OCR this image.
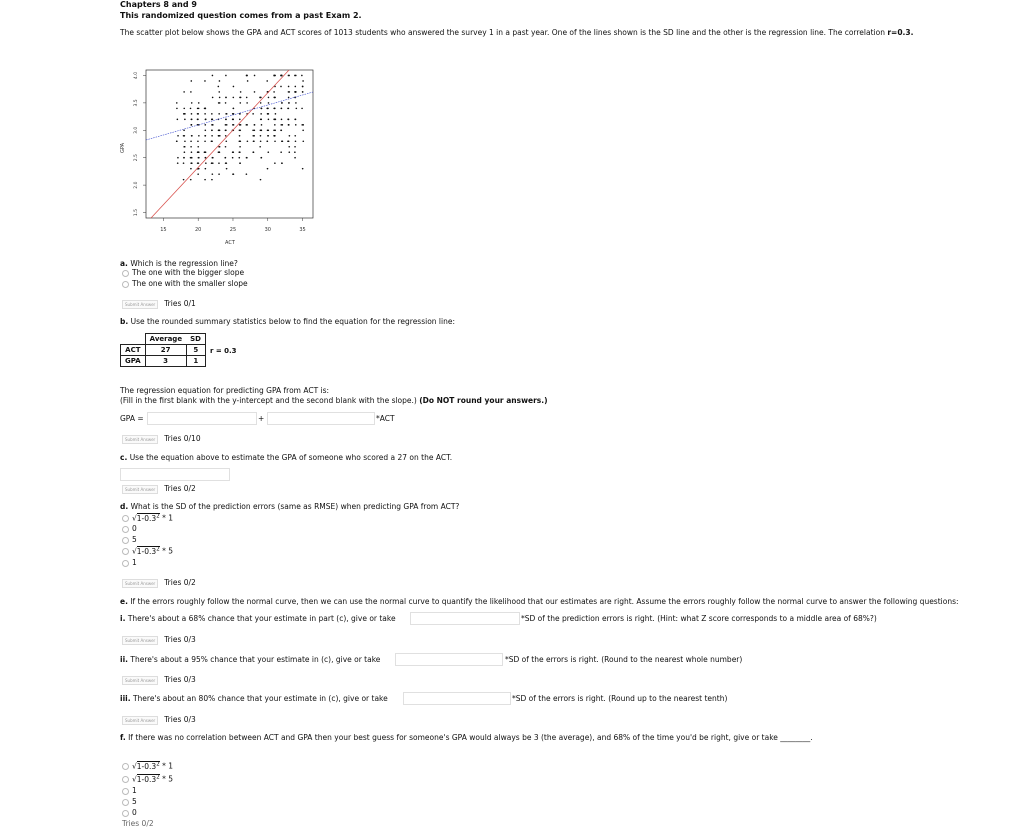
Chapters 8 and 9
This randomized question comes from a past Exam 2.
The scatter plot below shows the GPA and ACT scores of 1013 students who answered the survey 1 in a past year. One of the lines shown is the SD line and the other is the regression line. The correlation r=0.3.
15	20	25	30	35
1.5
2.0
2.5
3.0
3.5
4.0
ACT
GPA
a. Which is the regression line?
The one with the bigger slope
The one with the smaller slope
Submit Answer Tries 0/1
b. Use the rounded summary statistics below to find the equation for the regression line:
	Average	SD	
ACT	27	5	r = 0.3
GPA	3	1	
The regression equation for predicting GPA from ACT is:
(Fill in the first blank with the y-intercept and the second blank with the slope.) (Do NOT round your answers.)
GPA =	+	*ACT
Submit Answer Tries 0/10
c. Use the equation above to estimate the GPA of someone who scored a 27 on the ACT.
Submit Answer Tries 0/2
d. What is the SD of the prediction errors (same as RMSE) when predicting GPA from ACT?
$√1-0.3^2 * 1$
0
5
$√1-0.3^2 * 5$
1
Submit Answer Tries 0/2
e. If the errors roughly follow the normal curve, then we can use the normal curve to quantify the likelihood that our estimates are right. Assume the errors roughly follow the normal curve to answer the following questions:
i. There's about a 68% chance that your estimate in part (c), give or take	*SD of the prediction errors is right. (Hint: what Z score corresponds to a middle area of 68%?)
Submit Answer Tries 0/3
ii. There's about a 95% chance that your estimate in (c), give or take	*SD of the errors is right. (Round to the nearest whole number)
Submit Answer Tries 0/3
iii. There's about an 80% chance that your estimate in (c), give or take	*SD of the errors is right. (Round up to the nearest tenth)
Submit Answer Tries 0/3
f. If there was no correlation between ACT and GPA then your best guess for someone's GPA would always be 3 (the average), and 68% of the time you'd be right, give or take ________.
$√1-0.3^2 * 1$
$√1-0.3^2 * 5$
1
5
0
Tries 0/2
